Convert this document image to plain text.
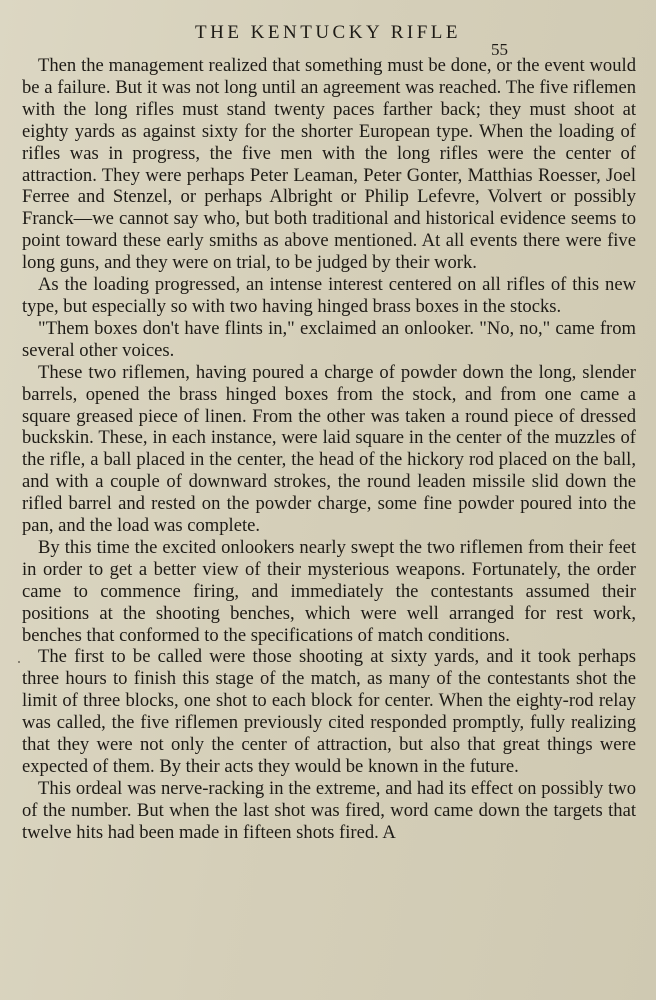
THE KENTUCKY RIFLE
55

Then the management realized that something must be done, or the event would be a failure. But it was not long until an agreement was reached. The five riflemen with the long rifles must stand twenty paces farther back; they must shoot at eighty yards as against sixty for the shorter European type. When the loading of rifles was in progress, the five men with the long rifles were the center of attraction. They were perhaps Peter Leaman, Peter Gonter, Matthias Roesser, Joel Ferree and Stenzel, or perhaps Albright or Philip Lefevre, Volvert or possibly Franck—we cannot say who, but both traditional and historical evidence seems to point toward these early smiths as above mentioned. At all events there were five long guns, and they were on trial, to be judged by their work.

As the loading progressed, an intense interest centered on all rifles of this new type, but especially so with two having hinged brass boxes in the stocks.

"Them boxes don't have flints in," exclaimed an onlooker. "No, no," came from several other voices.

These two riflemen, having poured a charge of powder down the long, slender barrels, opened the brass hinged boxes from the stock, and from one came a square greased piece of linen. From the other was taken a round piece of dressed buckskin. These, in each instance, were laid square in the center of the muzzles of the rifle, a ball placed in the center, the head of the hickory rod placed on the ball, and with a couple of downward strokes, the round leaden missile slid down the rifled barrel and rested on the powder charge, some fine powder poured into the pan, and the load was complete.

By this time the excited onlookers nearly swept the two riflemen from their feet in order to get a better view of their mysterious weapons. Fortunately, the order came to commence firing, and immediately the contestants assumed their positions at the shooting benches, which were well arranged for rest work, benches that conformed to the specifications of match conditions.

The first to be called were those shooting at sixty yards, and it took perhaps three hours to finish this stage of the match, as many of the contestants shot the limit of three blocks, one shot to each block for center. When the eighty-rod relay was called, the five riflemen previously cited responded promptly, fully realizing that they were not only the center of attraction, but also that great things were expected of them. By their acts they would be known in the future.

This ordeal was nerve-racking in the extreme, and had its effect on possibly two of the number. But when the last shot was fired, word came down the targets that twelve hits had been made in fifteen shots fired. A
